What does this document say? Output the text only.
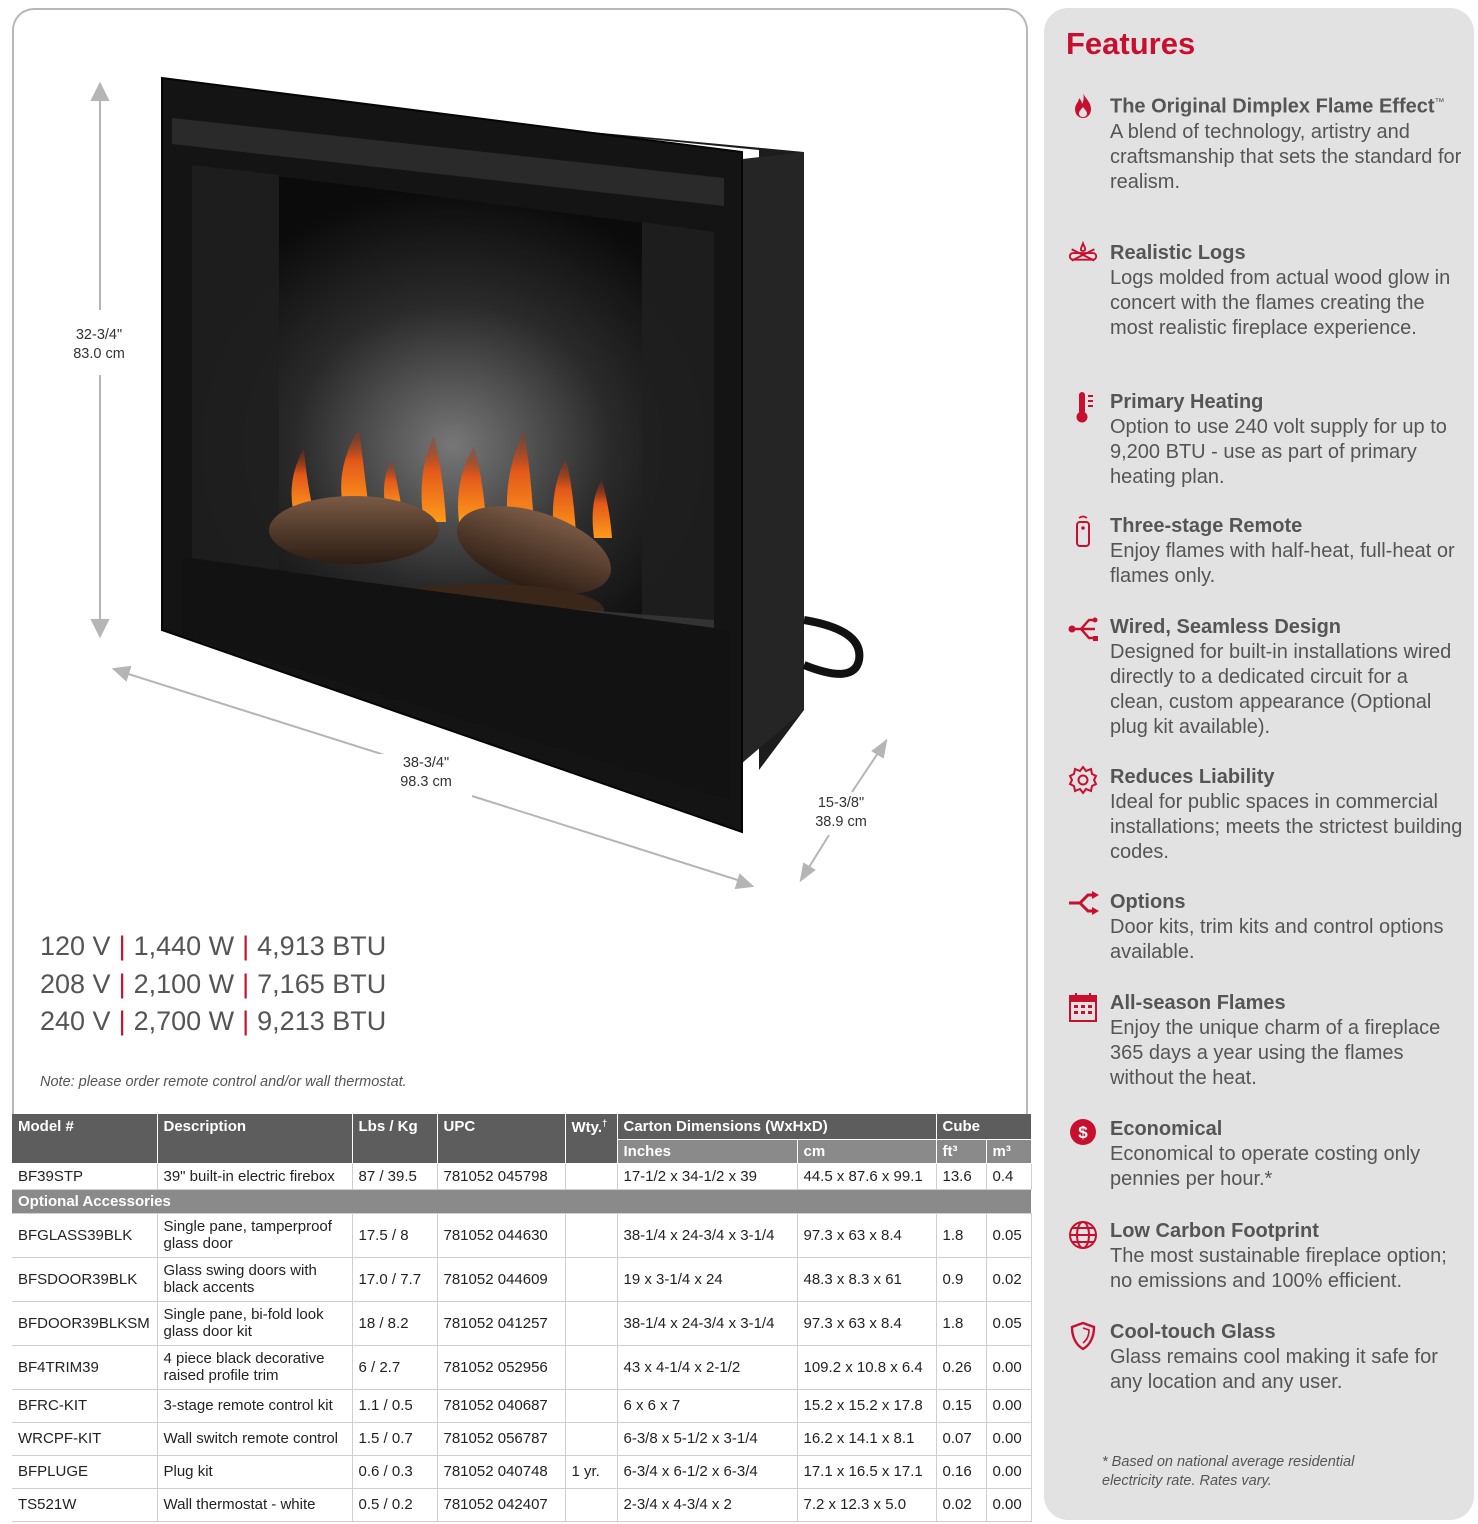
32-3/4"
83.0 cm
38-3/4"
98.3 cm
15-3/8"
38.9 cm
120 V | 1,440 W | 4,913 BTU
208 V | 2,100 W | 7,165 BTU
240 V | 2,700 W | 9,213 BTU
Note: please order remote control and/or wall thermostat.
Model #	Description	Lbs / Kg	UPC	Wty.†	Carton Dimensions (WxHxD)		Cube	
					Inches	cm	ft³	m³
BF39STP	39" built-in electric firebox	87 / 39.5	781052 045798		17-1/2 x 34-1/2 x 39	44.5 x 87.6 x 99.1	13.6	0.4
Optional Accessories								
BFGLASS39BLK	Single pane, tamperproof glass door	17.5 / 8	781052 044630		38-1/4 x 24-3/4 x 3-1/4	97.3 x 63 x 8.4	1.8	0.05
BFSDOOR39BLK	Glass swing doors with black accents	17.0 / 7.7	781052 044609		19 x 3-1/4 x 24	48.3 x 8.3 x 61	0.9	0.02
BFDOOR39BLKSM	Single pane, bi-fold look glass door kit	18 / 8.2	781052 041257		38-1/4 x 24-3/4 x 3-1/4	97.3 x 63 x 8.4	1.8	0.05
BF4TRIM39	4 piece black decorative raised profile trim	6 / 2.7	781052 052956		43 x 4-1/4 x 2-1/2	109.2 x 10.8 x 6.4	0.26	0.00
BFRC-KIT	3-stage remote control kit	1.1 / 0.5	781052 040687		6 x 6 x 7	15.2 x 15.2 x 17.8	0.15	0.00
WRCPF-KIT	Wall switch remote control	1.5 / 0.7	781052 056787		6-3/8 x 5-1/2 x 3-1/4	16.2 x 14.1 x 8.1	0.07	0.00
BFPLUGE	Plug kit	0.6 / 0.3	781052 040748	1 yr.	6-3/4 x 6-1/2 x 6-3/4	17.1 x 16.5 x 17.1	0.16	0.00
TS521W	Wall thermostat - white	0.5 / 0.2	781052 042407		2-3/4 x 4-3/4 x 2	7.2 x 12.3 x 5.0	0.02	0.00
Features
The Original Dimplex Flame Effect™
A blend of technology, artistry and craftsmanship that sets the standard for realism.
Realistic Logs
Logs molded from actual wood glow in concert with the flames creating the most realistic fireplace experience.
Primary Heating
Option to use 240 volt supply for up to 9,200 BTU - use as part of primary heating plan.
Three-stage Remote
Enjoy flames with half-heat, full-heat or flames only.
Wired, Seamless Design
Designed for built-in installations wired directly to a dedicated circuit for a clean, custom appearance (Optional plug kit available).
Reduces Liability
Ideal for public spaces in commercial installations; meets the strictest building codes.
Options
Door kits, trim kits and control options available.
All-season Flames
Enjoy the unique charm of a fireplace 365 days a year using the flames without the heat.
$ Economical
Economical to operate costing only pennies per hour.*
Low Carbon Footprint
The most sustainable fireplace option; no emissions and 100% efficient.
Cool-touch Glass
Glass remains cool making it safe for any location and any user.
* Based on national average residential electricity rate. Rates vary.
